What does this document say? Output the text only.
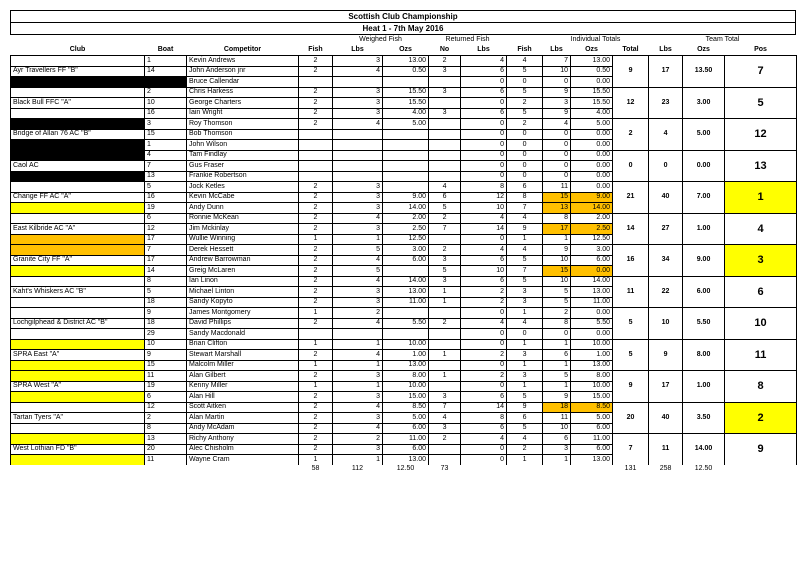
Scottish Club Championship
Heat 1 - 7th May 2016
				Weighed Fish		Returned Fish			Individual Totals			Team Total		
Club	Boat	Competitor	Fish	Lbs	Ozs	No	Lbs	Fish	Lbs	Ozs	Total	Lbs	Ozs	Pos
	1	Kevin Andrews	2	3	13.00	2	4	4	7	13.00	9	17	13.50	7
Ayr Travellers FF "B"	14	John Anderson jnr	2	4	0.50	3	6	5	10	0.50				
	3	Bruce Callendar					0	0	0	0.00				
	2	Chris Harkess	2	3	15.50	3	6	5	9	15.50	12	23	3.00	5
Black Bull FFC "A"	10	George Charters	2	3	15.50		0	2	3	15.50				
	16	Iain Wright	2	3	4.00	3	6	5	9	4.00				
	3	Roy Thomson	2	4	5.00		0	2	4	5.00	2	4	5.00	12
Bridge of Allan 76 AC "B"	15	Bob Thomson					0	0	0	0.00				
	1	John Wilson					0	0	0	0.00				
	4	Tam Findlay					0	0	0	0.00	0	0	0.00	13
Caol AC	7	Gus Fraser					0	0	0	0.00				
	13	Frankie Robertson					0	0	0	0.00				
	5	Jock Ketles	2	3		4	8	6	11	0.00	21	40	7.00	1
Change FF AC "A"	16	Kevin McCabe	2	3	9.00	6	12	8	15	9.00				
	19	Andy Dunn	2	3	14.00	5	10	7	13	14.00				
	6	Ronnie McKean	2	4	2.00	2	4	4	8	2.00	14	27	1.00	4
East Kilbride AC "A"	12	Jim Mckinlay	2	3	2.50	7	14	9	17	2.50				
	17	Wullie Winning	1	1	12.50		0	1	1	12.50				
	7	Derek Hessett	2	5	3.00	2	4	4	9	3.00	16	34	9.00	3
Granite City FF "A"	17	Andrew Barrowman	2	4	6.00	3	6	5	10	6.00				
	14	Greig McLaren	2	5		5	10	7	15	0.00				
	8	Ian Linon	2	4	14.00	3	6	5	10	14.00	11	22	6.00	6
Kaht's Whiskers AC "B"	5	Michael Linton	2	3	13.00	1	2	3	5	13.00				
	18	Sandy Kopyto	2	3	11.00	1	2	3	5	11.00				
	9	James Montgomery	1	2			0	1	2	0.00	5	10	5.50	10
Lochgilphead & District AC "B"	18	David Phillips	2	4	5.50	2	4	4	8	5.50				
	29	Sandy Macdonald					0	0	0	0.00				
	10	Brian Clifton	1	1	10.00		0	1	1	10.00	5	9	8.00	11
SPRA East "A"	9	Stewart Marshall	2	4	1.00	1	2	3	6	1.00				
	15	Malcolm Miller	1	1	13.00		0	1	1	13.00				
	11	Alan Gilbert	2	3	8.00	1	2	3	5	8.00	9	17	1.00	8
SPRA West "A"	19	Kenny Miller	1	1	10.00		0	1	1	10.00				
	6	Alan Hill	2	3	15.00	3	6	5	9	15.00				
	12	Scott Aitken	2	4	8.50	7	14	9	18	8.50	20	40	3.50	2
Tartan Tyers "A"	2	Alan Martin	2	3	5.00	4	8	6	11	5.00				
	8	Andy McAdam	2	4	6.00	3	6	5	10	6.00				
	13	Richy Anthony	2	2	11.00	2	4	4	6	11.00	7	11	14.00	9
West Lothian FD "B"	20	Alec Chisholm	2	3	6.00		0	2	3	6.00				
	11	Wayne Cram	1	1	13.00		0	1	1	13.00				
			58	112	12.50	73					131	258	12.50	
